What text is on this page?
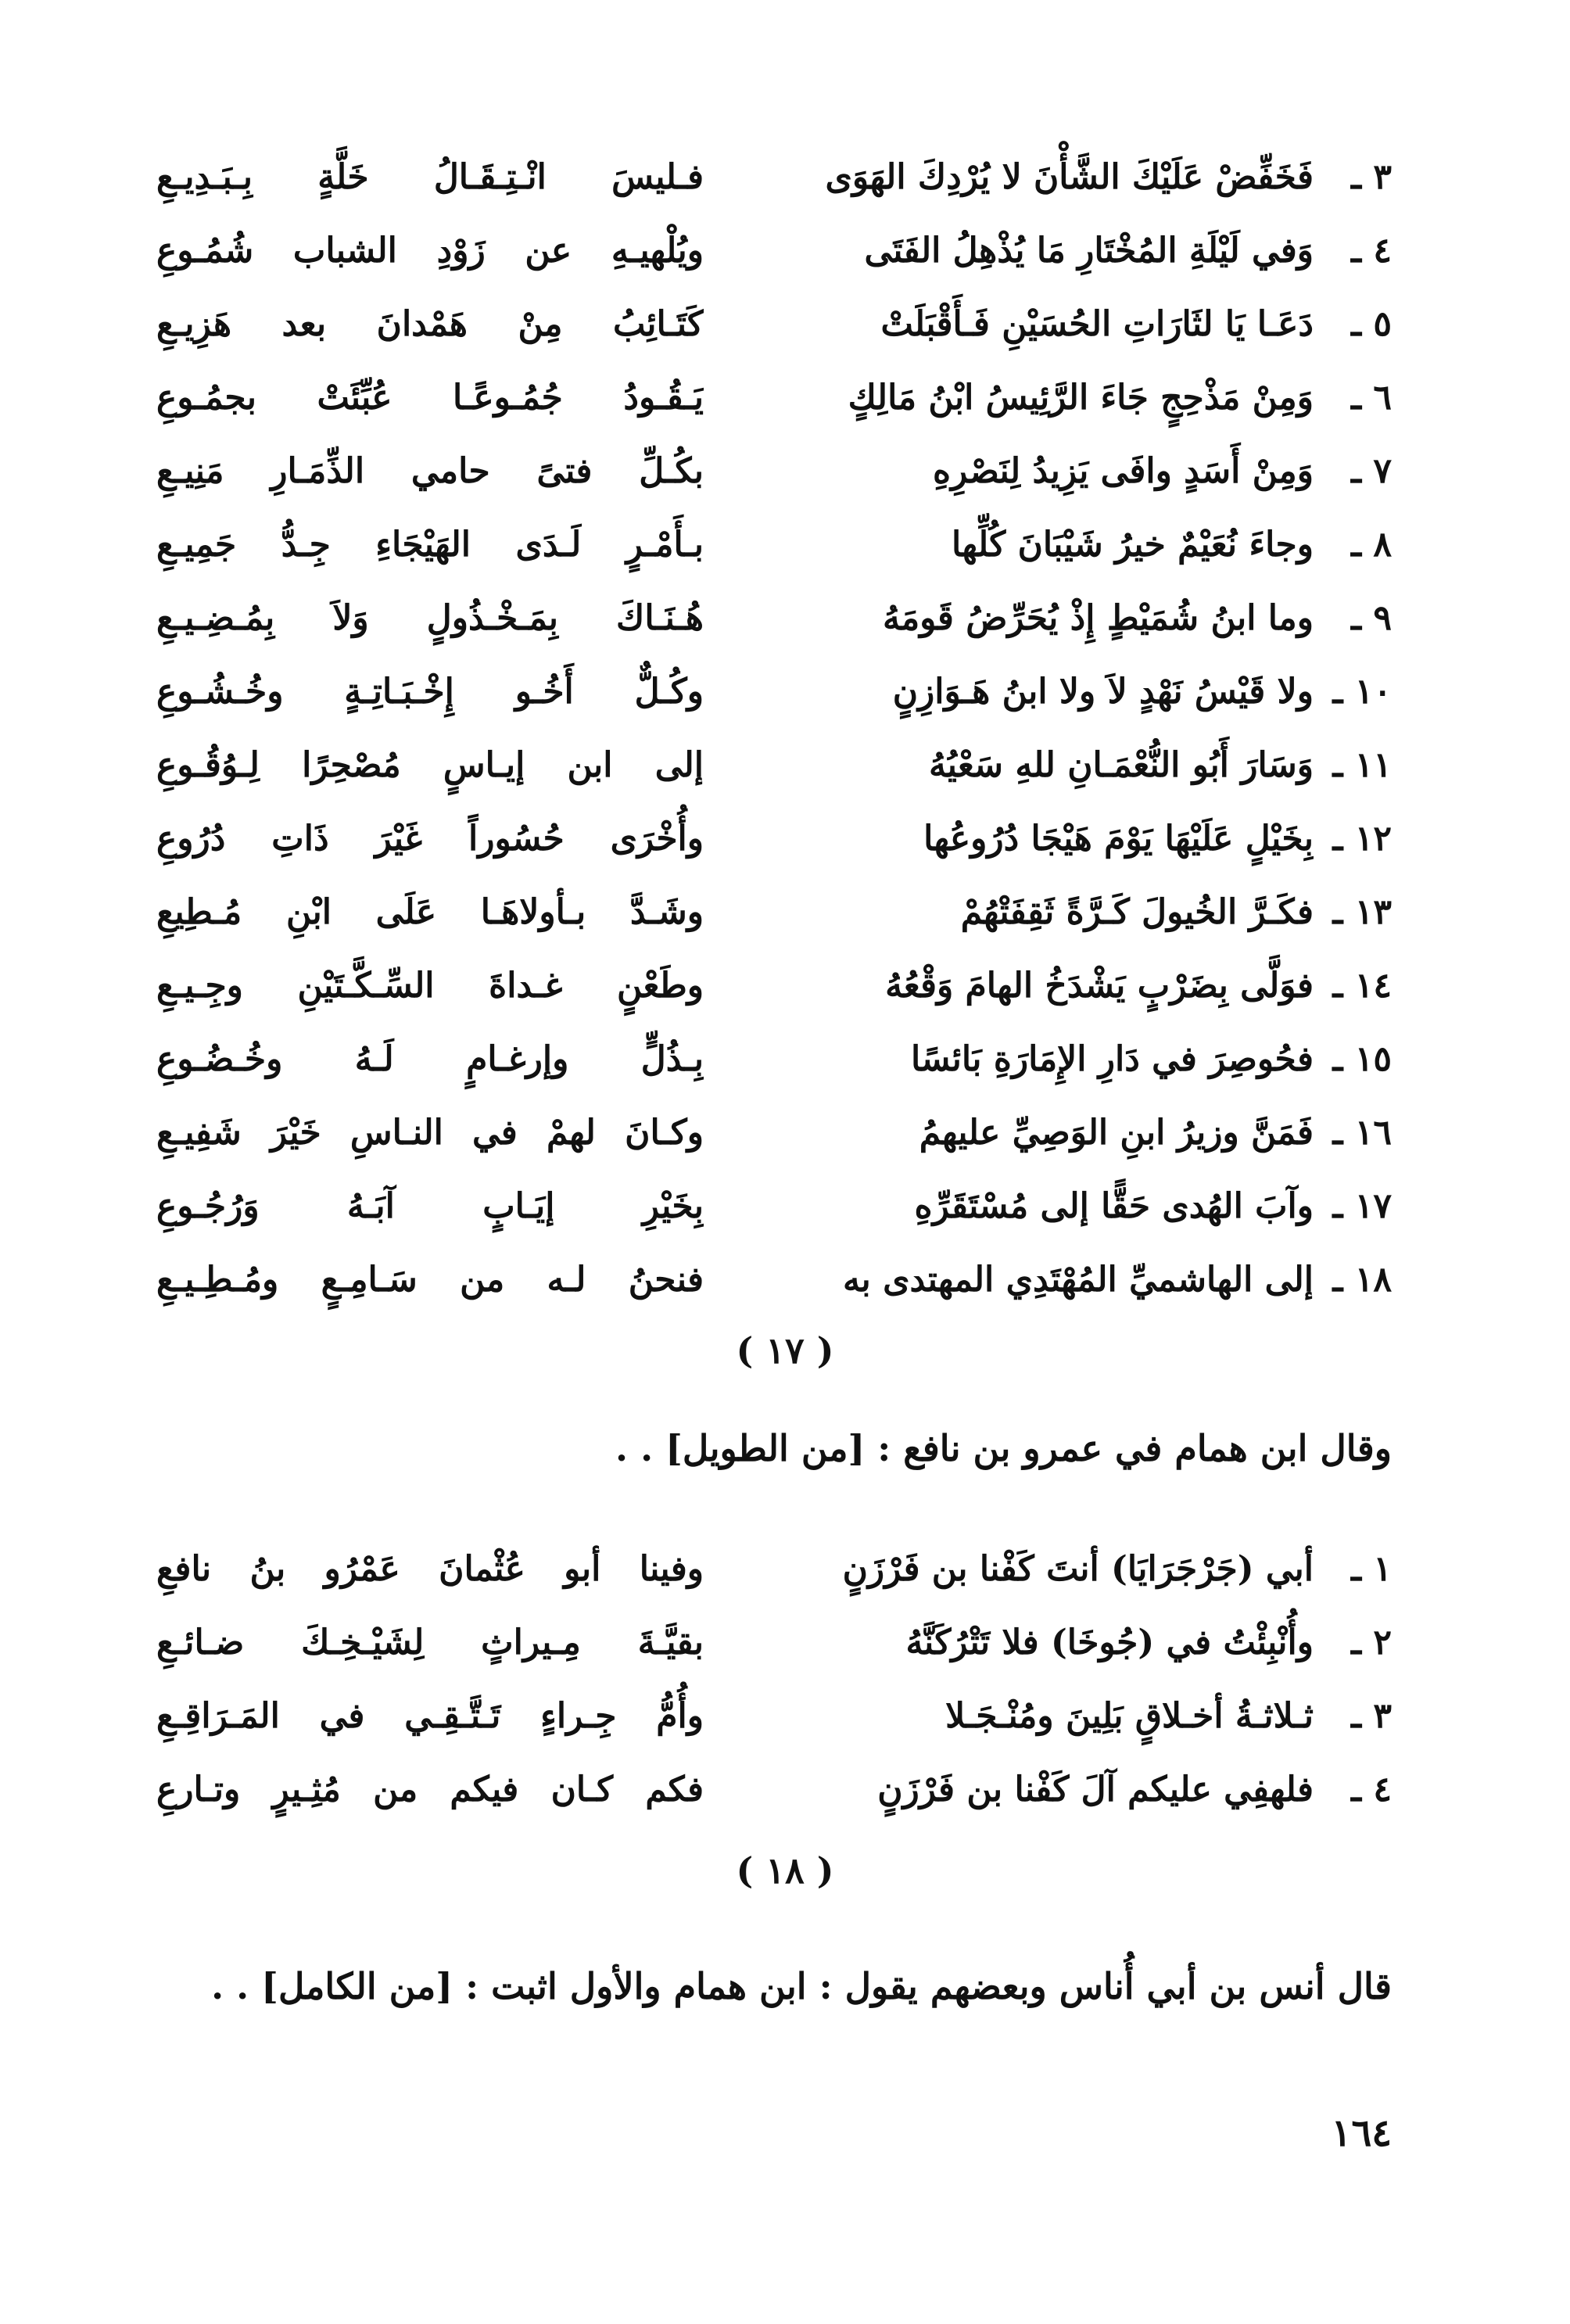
٣ ـ
فَخَفِّضْ عَلَيْكَ الشَّأْنَ لا يُرْدِكَ الهَوَى
فـليسَ انْـتِـقَـالُ خَلَّةٍ بِـبَـدِيـعِ
٤ ـ
وَفي لَيْلَةِ المُخْتَارِ مَا يُذْهِلُ الفَتَى
ويُلْهيـهِ عن زَوْدِ الشباب شُمُـوعِ
٥ ـ
دَعَـا يَا لثَارَاتِ الحُسَيْنِ فَـأَقْبَلَتْ
كَتَـائِبُ مِنْ هَمْدانَ بعد هَزِيـعِ
٦ ـ
وَمِنْ مَذْحِجٍ جَاءَ الرَّئِيسُ ابْنُ مَالِكٍ
يَـقُـودُ جُمُـوعًـا عُبِّئَتْ بجمُـوعِ
٧ ـ
وَمِنْ أَسَدٍ وافَى يَزِيدُ لِنَصْرِهِ
بكُـلِّ فتىً حامي الذِّمَـارِ مَنِيـعِ
٨ ـ
وجاءَ نُعَيْمٌ خيرُ شَيْبَانَ كُلِّها
بـأَمْـرٍ لَـدَى الهَيْجَاءِ جِـدُّ جَمِيـعِ
٩ ـ
وما ابنُ شُمَيْطٍ إِذْ يُحَرِّضُ قَومَهُ
هُـنَـاكَ بِمَـخْـذُولٍ وَلاَ بِمُـضِـيـعِ
١٠ ـ
ولا قَيْسُ نَهْدٍ لاَ ولا ابنُ هَـوَازِنٍ
وكُـلٌّ أَخُـو إِخْـبَـاتِـةٍ وخُـشُـوعِ
١١ ـ
وَسَارَ أَبُو النُّعْمَـانِ للهِ سَعْيُهُ
إلى ابن إيـاسٍ مُصْحِرًا لِـوُقُـوعِ
١٢ ـ
بِخَيْلٍ عَلَيْهَا يَوْمَ هَيْجَا دُرُوعُها
وأُخْرَى حُسُوراً غَيْرَ ذَاتِ دُرُوعِ
١٣ ـ
فكَـرَّ الخُيولَ كَـرَّةً ثَقِفَتْهُمْ
وشَـدَّ بـأولاهَـا عَلَى ابْنِ مُـطِيعِ
١٤ ـ
فوَلَّى بِضَرْبٍ يَشْدَخُ الهامَ وَقْعُهُ
وطَعْنٍ غـداةَ السِّـكَّـتَيْنِ وجِـيـعِ
١٥ ـ
فحُوصِرَ في دَارِ الإِمَارَةِ بَائسًا
بِـذُلٍّ وإرغـامٍ لَـهُ وخُـضُـوعِ
١٦ ـ
فَمَنَّ وزيرُ ابنِ الوَصِيِّ عليهمُ
وكـانَ لهمْ في النـاسِ خَيْرَ شَفِيـعِ
١٧ ـ
وآبَ الهُدى حَقًّا إلى مُسْتَقَرِّهِ
بِخَيْرِ إيَـابٍ آبَـهُ وَرُجُـوعِ
١٨ ـ
إلى الهاشميِّ المُهْتَدِي المهتدى به
فنحنُ لـه من سَـامِـعٍ ومُـطِـيـعِ
( ١٧ )
وقال ابن همام في عمرو بن نافع : [من الطويل] . .
١ ـ
أبي (جَرْجَرَايَا) أنتَ كَفْنا بن فَرْزَنٍ
وفينا أبو عُثْمانَ عَمْرُو بنُ نافعِ
٢ ـ
وأُنْبِئْتُ في (جُوخَا) فلا تَتْرُكَنَّهُ
بقيَّـةَ مِـيراثٍ لِشَيْـخِـكَ ضـائـعِ
٣ ـ
ثـلاثـةُ أخـلاقٍ بَلِينَ ومُنْـجَـلا
وأُمُّ جِـراءٍ تَـتَّـقِـي في المَـرَاقِـعِ
٤ ـ
فلهفِي عليكم آلَ كَفْنا بن فَرْزَنٍ
فكم كـان فيكم من مُثِـيرٍ وتـارعِ
( ١٨ )
قال أنس بن أبي أُناس وبعضهم يقول : ابن همام والأول اثبت : [من الكامل] . .
١٦٤
